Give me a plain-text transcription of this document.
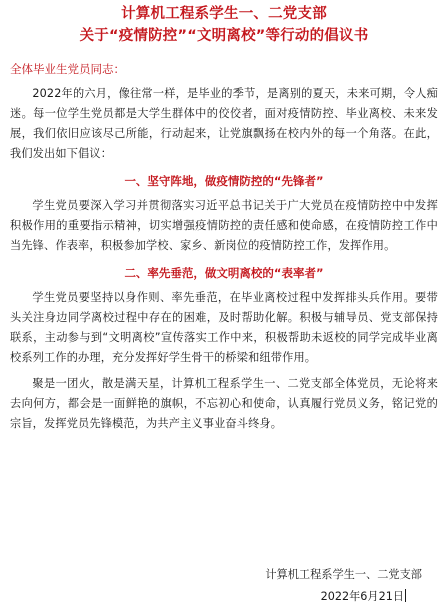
计算机工程系学生一、二党支部
关于“疫情防控”“文明离校”等行动的倡议书
全体毕业生党员同志：

2022年的六月，像往常一样，是毕业的季节，是离别的夏天，未来可期，令人痴迷。每一位学生党员都是大学生群体中的佼佼者，面对疫情防控、毕业离校、未来发展，我们依旧应该尽己所能，行动起来，让党旗飘扬在校内外的每一个角落。在此，我们发出如下倡议：

一、坚守阵地，做疫情防控的“先锋者”

学生党员要深入学习并贯彻落实习近平总书记关于广大党员在疫情防控中中发挥积极作用的重要指示精神，切实增强疫情防控的责任感和使命感，在疫情防控工作中当先锋、作表率，积极参加学校、家乡、新岗位的疫情防控工作，发挥作用。

二、率先垂范，做文明离校的“表率者”

学生党员要坚持以身作则、率先垂范，在毕业离校过程中发挥排头兵作用。要带头关注身边同学离校过程中存在的困难，及时帮助化解。积极与辅导员、党支部保持联系，主动参与到“文明离校”宣传落实工作中来，积极帮助未返校的同学完成毕业离校系列工作的办理，充分发挥好学生骨干的桥梁和纽带作用。

聚是一团火，散是满天星，计算机工程系学生一、二党支部全体党员，无论将来去向何方，都会是一面鲜艳的旗帜，不忘初心和使命，认真履行党员义务，铭记党的宗旨，发挥党员先锋模范，为共产主义事业奋斗终身。

计算机工程系学生一、二党支部
2022年6月21日
